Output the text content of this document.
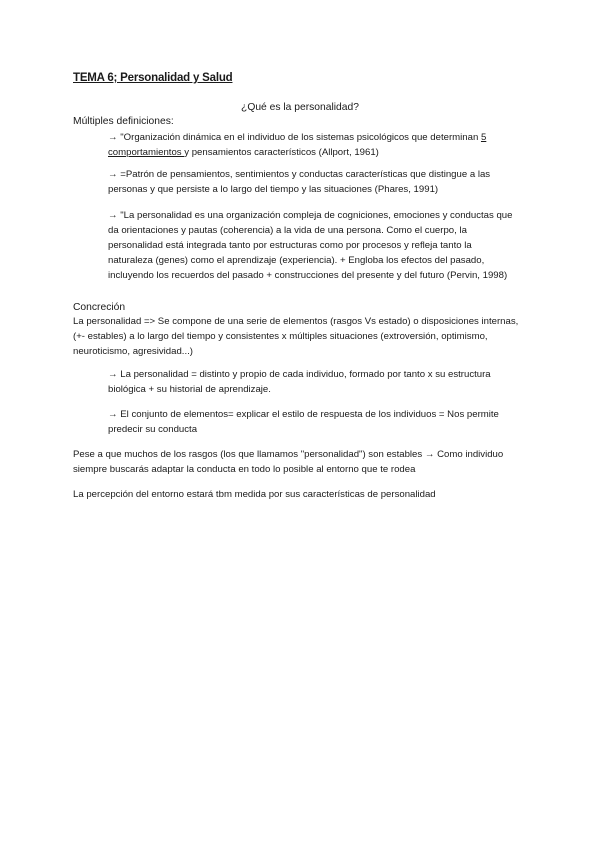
TEMA 6; Personalidad y Salud
¿Qué es la personalidad?
Múltiples definiciones:
→ "Organización dinámica en el individuo de los sistemas psicológicos que determinan 5 comportamientos y pensamientos característicos (Allport, 1961)
→ =Patrón de pensamientos, sentimientos y conductas características que distingue a las personas y que persiste a lo largo del tiempo y las situaciones (Phares, 1991)
→ "La personalidad es una organización compleja de cogniciones, emociones y conductas que da orientaciones y pautas (coherencia) a la vida de una persona. Como el cuerpo, la personalidad está integrada tanto por estructuras como por procesos y refleja tanto la naturaleza (genes) como el aprendizaje (experiencia). + Engloba los efectos del pasado, incluyendo los recuerdos del pasado + construcciones del presente y del futuro (Pervin, 1998)
Concreción
La personalidad => Se compone de una serie de elementos (rasgos Vs estado) o disposiciones internas, (+- estables) a lo largo del tiempo y consistentes x múltiples situaciones (extroversión, optimismo, neuroticismo, agresividad...)
→ La personalidad = distinto y propio de cada individuo, formado por tanto x su estructura biológica + su historial de aprendizaje.
→ El conjunto de elementos= explicar el estilo de respuesta de los individuos = Nos permite predecir su conducta
Pese a que muchos de los rasgos (los que llamamos "personalidad") son estables → Como individuo siempre buscarás adaptar la conducta en todo lo posible al entorno que te rodea
La percepción del entorno estará tbm medida por sus características de personalidad
